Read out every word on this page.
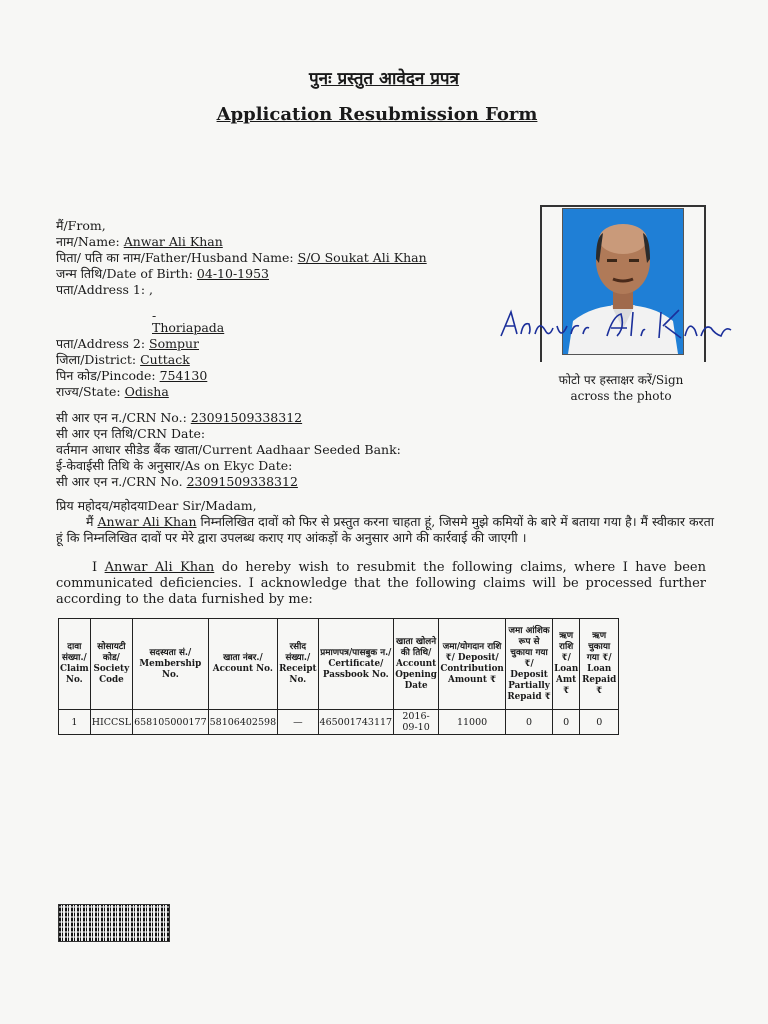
पुनः प्रस्तुत आवेदन प्रपत्र
Application Resubmission Form
मैं/From,
नाम/Name: Anwar Ali Khan
पिता/ पति का नाम/Father/Husband Name: S/O Soukat Ali Khan
जन्म तिथि/Date of Birth: 04-10-1953
पता/Address 1: ,
-
Thoriapada
पता/Address 2: Sompur
जिला/District: Cuttack
पिन कोड/Pincode: 754130
राज्य/State: Odisha
सी आर एन न./CRN No.: 23091509338312
सी आर एन तिथि/CRN Date:
वर्तमान आधार सीडेड बैंक खाता/Current Aadhaar Seeded Bank:
ई-केवाईसी तिथि के अनुसार/As on Ekyc Date:
सी आर एन न./CRN No. 23091509338312
फोटो पर हस्ताक्षर करें/Sign
across the photo
प्रिय महोदय/महोदयाDear Sir/Madam,
मैं Anwar Ali Khan निम्नलिखित दावों को फिर से प्रस्तुत करना चाहता हूं, जिसमे मुझे कमियों के बारे में बताया गया है। मैं स्वीकार करता हूं कि निम्नलिखित दावों पर मेरे द्वारा उपलब्ध कराए गए आंकड़ों के अनुसार आगे की कार्रवाई की जाएगी ।
I Anwar Ali Khan do hereby wish to resubmit the following claims, where I have been communicated deficiencies. I acknowledge that the following claims will be processed further according to the data furnished by me:
दावा संख्या./ Claim No.	सोसायटी कोड/ Society Code	सदस्यता सं./ Membership No.	खाता नंबर./ Account No.	रसीद संख्या./ Receipt No.	प्रमाणपत्र/पासबुक न./ Certificate/ Passbook No.	खाता खोलने की तिथि/ Account Opening Date	जमा/योगदान राशि ₹/ Deposit/ Contribution Amount ₹	जमा आंशिक रूप से चुकाया गया ₹/ Deposit Partially Repaid ₹	ऋण राशि ₹/ Loan Amt ₹	ऋण चुकाया गया ₹/ Loan Repaid ₹
1	HICCSL	658105000177	58106402598	—	465001743117	2016-09-10	11000	0	0	0
